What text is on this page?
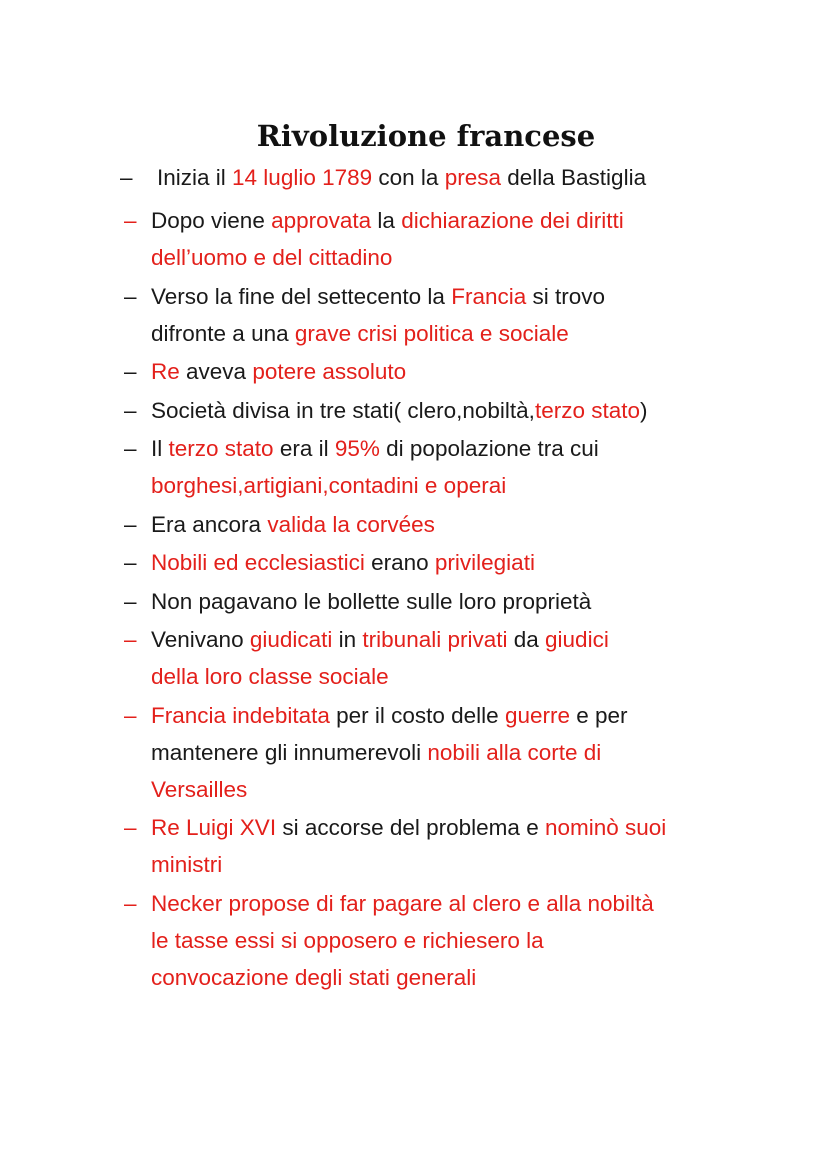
Rivoluzione francese
– Inizia il 14 luglio 1789 con la presa della Bastiglia
– Dopo viene approvata la dichiarazione dei diritti
dell’uomo e del cittadino
– Verso la fine del settecento la Francia si trovo
difronte a una grave crisi politica e sociale
– Re aveva potere assoluto
– Società divisa in tre stati( clero,nobiltà,terzo stato)
– Il terzo stato era il 95% di popolazione tra cui
borghesi,artigiani,contadini e operai
– Era ancora valida la corvées
– Nobili ed ecclesiastici erano privilegiati
– Non pagavano le bollette sulle loro proprietà
– Venivano giudicati in tribunali privati da giudici
della loro classe sociale
– Francia indebitata per il costo delle guerre e per
mantenere gli innumerevoli nobili alla corte di
Versailles
– Re Luigi XVI si accorse del problema e nominò suoi
ministri
– Necker propose di far pagare al clero e alla nobiltà
le tasse essi si opposero e richiesero la
convocazione degli stati generali
